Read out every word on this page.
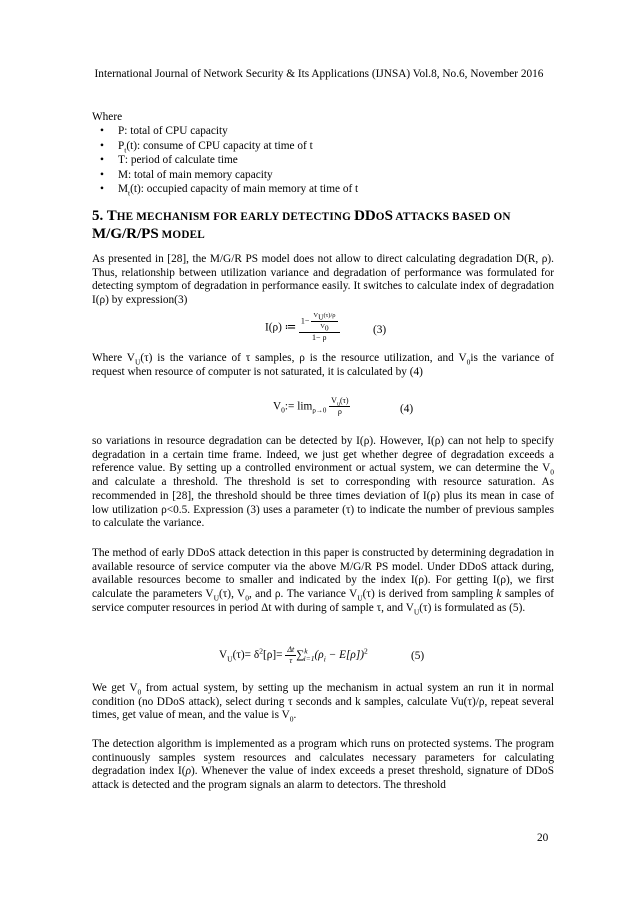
International Journal of Network Security & Its Applications (IJNSA) Vol.8, No.6, November 2016
Where
• P: total of CPU capacity
• $P_t(t)$: consume of CPU capacity at time of t
• T: period of calculate time
• M: total of main memory capacity
• $M_t(t)$: occupied capacity of main memory at time of t
5. THE MECHANISM FOR EARLY DETECTING DDOS ATTACKS BASED ON
M/G/R/PS MODEL

As presented in [28], the M/G/R PS model does not allow to direct calculating degradation D(R, ρ). Thus, relationship between utilization variance and degradation of performance was formulated for detecting symptom of degradation in performance easily. It switches to calculate index of degradation I(ρ) by expression(3)

I(ρ) ≔ $\frac{1- \frac{V_U(\tau)/\rho}{V_0}}{1- \rho}$	(3)

Where $V_U(\tau)$ is the variance of τ samples, ρ is the resource utilization, and $V_0is$ the variance of request when resource of computer is not saturated, it is calculated by (4)

$V_0:= \lim_{\rho\to 0} \frac{V_u(\tau)}{\rho}$	(4)

so variations in resource degradation can be detected by I(ρ). However, I(ρ) can not help to specify degradation in a certain time frame. Indeed, we just get whether degree of degradation exceeds a reference value. By setting up a controlled environment or actual system, we can determine the $V_0$ and calculate a threshold. The threshold is set to corresponding with resource saturation. As recommended in [28], the threshold should be three times deviation of I(ρ) plus its mean in case of low utilization ρ<0.5. Expression (3) uses a parameter (τ) to indicate the number of previous samples to calculate the variance.

The method of early DDoS attack detection in this paper is constructed by determining degradation in available resource of service computer via the above M/G/R PS model. Under DDoS attack during, available resources become to smaller and indicated by the index I(ρ). For getting I(ρ), we first calculate the parameters $V_U(\tau)$, $V_0$, and ρ. The variance $V_U(\tau)$ is derived from sampling k samples of service computer resources in period Δt with during of sample τ, and $V_U(\tau)$ is formulated as (5).

$V_U(\tau)= \delta^2[\rho]= \frac{\Delta t}{\tau} \sum^k_{i=1}(\rho_i - E[\rho])^2$	(5)

We get $V_0$ from actual system, by setting up the mechanism in actual system an run it in normal condition (no DDoS attack), select during τ seconds and k samples, calculate Vu(τ)/ρ, repeat several times, get value of mean, and the value is $V_0$.

The detection algorithm is implemented as a program which runs on protected systems. The program continuously samples system resources and calculates necessary parameters for calculating degradation index I(ρ). Whenever the value of index exceeds a preset threshold, signature of DDoS attack is detected and the program signals an alarm to detectors. The threshold

20
